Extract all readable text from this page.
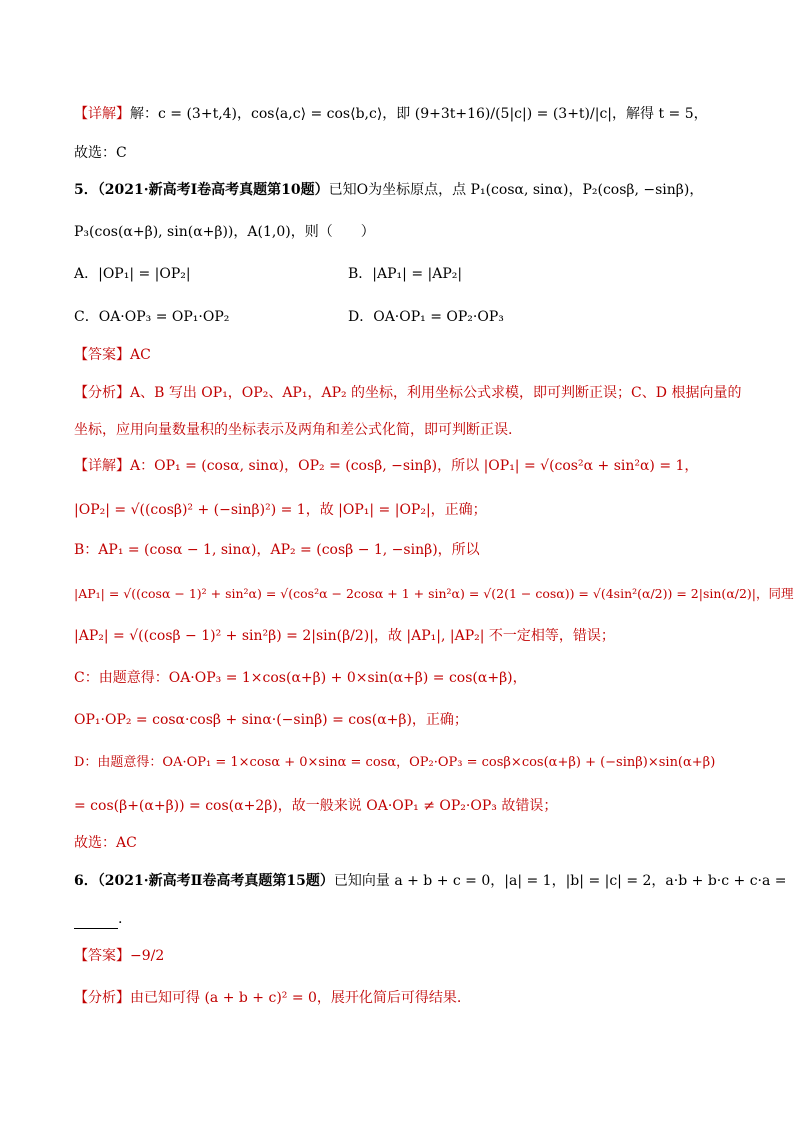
【详解】解：c = (3+t,4)，cos⟨a,c⟩ = cos⟨b,c⟩，即 (9+3t+16)/(5|c|) = (3+t)/|c|，解得 t = 5，
故选：C
5．（2021·新高考Ⅰ卷高考真题第10题）已知O为坐标原点，点 P₁(cosα, sinα)，P₂(cosβ, −sinβ)，
P₃(cos(α+β), sin(α+β))，A(1,0)，则（　　）
A．|OP₁| = |OP₂|	B．|AP₁| = |AP₂|
C．OA·OP₃ = OP₁·OP₂	D．OA·OP₁ = OP₂·OP₃
【答案】AC
【分析】A、B 写出 OP₁，OP₂、AP₁，AP₂ 的坐标，利用坐标公式求模，即可判断正误；C、D 根据向量的
坐标，应用向量数量积的坐标表示及两角和差公式化简，即可判断正误.
【详解】A：OP₁ = (cosα, sinα)，OP₂ = (cosβ, −sinβ)，所以 |OP₁| = √(cos²α + sin²α) = 1，
|OP₂| = √((cosβ)² + (−sinβ)²) = 1，故 |OP₁| = |OP₂|，正确；
B：AP₁ = (cosα − 1, sinα)，AP₂ = (cosβ − 1, −sinβ)，所以
|AP₁| = √((cosα − 1)² + sin²α) = √(cos²α − 2cosα + 1 + sin²α) = √(2(1 − cosα)) = √(4sin²(α/2)) = 2|sin(α/2)|，同理
|AP₂| = √((cosβ − 1)² + sin²β) = 2|sin(β/2)|，故 |AP₁|, |AP₂| 不一定相等，错误；
C：由题意得：OA·OP₃ = 1×cos(α+β) + 0×sin(α+β) = cos(α+β)，
OP₁·OP₂ = cosα·cosβ + sinα·(−sinβ) = cos(α+β)，正确；
D：由题意得：OA·OP₁ = 1×cosα + 0×sinα = cosα，OP₂·OP₃ = cosβ×cos(α+β) + (−sinβ)×sin(α+β)
= cos(β+(α+β)) = cos(α+2β)，故一般来说 OA·OP₁ ≠ OP₂·OP₃ 故错误；
故选：AC
6．（2021·新高考Ⅱ卷高考真题第15题）已知向量 a + b + c = 0，|a| = 1，|b| = |c| = 2，a·b + b·c + c·a =
.
【答案】−9/2
【分析】由已知可得 (a + b + c)² = 0，展开化简后可得结果.
